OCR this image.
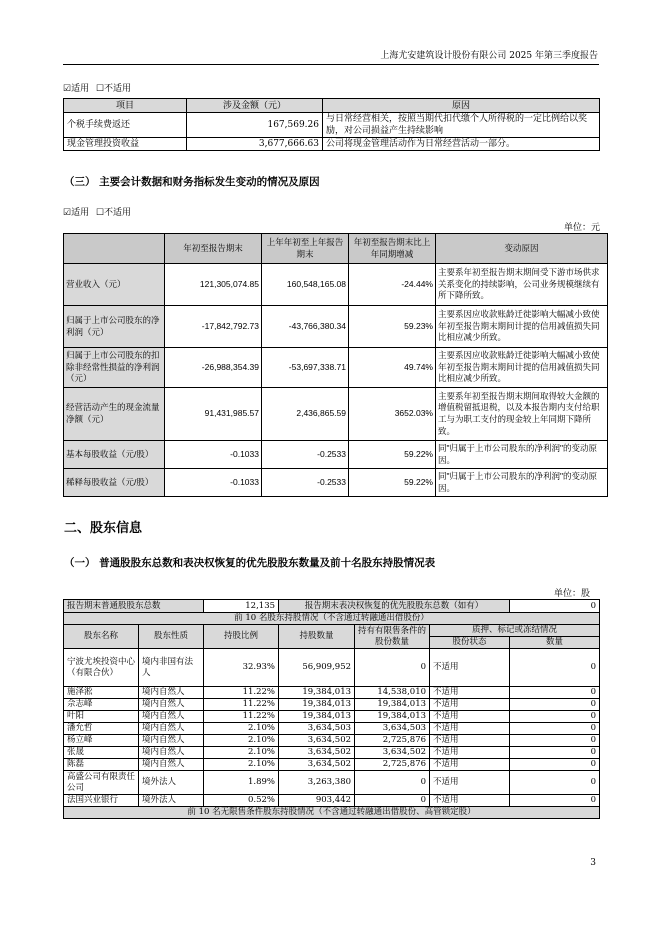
上海尤安建筑设计股份有限公司 2025 年第三季度报告
☑适用 ☐不适用
项目	涉及金额（元）	原因
个税手续费返还	167,569.26	与日常经营相关，按照当期代扣代缴个人所得税的一定比例给以奖励，对公司损益产生持续影响
现金管理投资收益	3,677,666.63	公司将现金管理活动作为日常经营活动一部分。
（三） 主要会计数据和财务指标发生变动的情况及原因
☑适用 ☐不适用
单位：元
	年初至报告期末	上年年初至上年报告期末	年初至报告期末比上年同期增减	变动原因
营业收入（元）	121,305,074.85	160,548,165.08	-24.44%	主要系年初至报告期末期间受下游市场供求关系变化的持续影响，公司业务规模继续有所下降所致。
归属于上市公司股东的净利润（元）	-17,842,792.73	-43,766,380.34	59.23%	主要系因应收款账龄迁徙影响大幅减小致使年初至报告期末期间计提的信用减值损失同比相应减少所致。
归属于上市公司股东的扣除非经常性损益的净利润（元）	-26,988,354.39	-53,697,338.71	49.74%	主要系因应收款账龄迁徙影响大幅减小致使年初至报告期末期间计提的信用减值损失同比相应减少所致。
经营活动产生的现金流量净额（元）	91,431,985.57	2,436,865.59	3652.03%	主要系年初至报告期末期间取得较大金额的增值税留抵退税，以及本报告期内支付给职工与为职工支付的现金较上年同期下降所致。
基本每股收益（元/股）	-0.1033	-0.2533	59.22%	同"归属于上市公司股东的净利润"的变动原因。
稀释每股收益（元/股）	-0.1033	-0.2533	59.22%	同"归属于上市公司股东的净利润"的变动原因。
二、股东信息
（一） 普通股股东总数和表决权恢复的优先股股东数量及前十名股东持股情况表
单位：股
报告期末普通股股东总数		12,135	报告期末表决权恢复的优先股股东总数（如有）			0
前 10 名股东持股情况（不含通过转融通出借股份）						
股东名称	股东性质	持股比例	持股数量	持有有限售条件的股份数量	质押、标记或冻结情况	
					股份状态	数量
宁波尤埃投资中心（有限合伙）	境内非国有法人	32.93%	56,909,952	0	不适用	0
施泽淞	境内自然人	11.22%	19,384,013	14,538,010	不适用	0
佘志峰	境内自然人	11.22%	19,384,013	19,384,013	不适用	0
叶阳	境内自然人	11.22%	19,384,013	19,384,013	不适用	0
潘允哲	境内自然人	2.10%	3,634,503	3,634,503	不适用	0
杨立峰	境内自然人	2.10%	3,634,502	2,725,876	不适用	0
张晟	境内自然人	2.10%	3,634,502	3,634,502	不适用	0
陈磊	境内自然人	2.10%	3,634,502	2,725,876	不适用	0
高盛公司有限责任公司	境外法人	1.89%	3,263,380	0	不适用	0
法国兴业银行	境外法人	0.52%	903,442	0	不适用	0
前 10 名无限售条件股东持股情况（不含通过转融通出借股份、高管锁定股）						
3
